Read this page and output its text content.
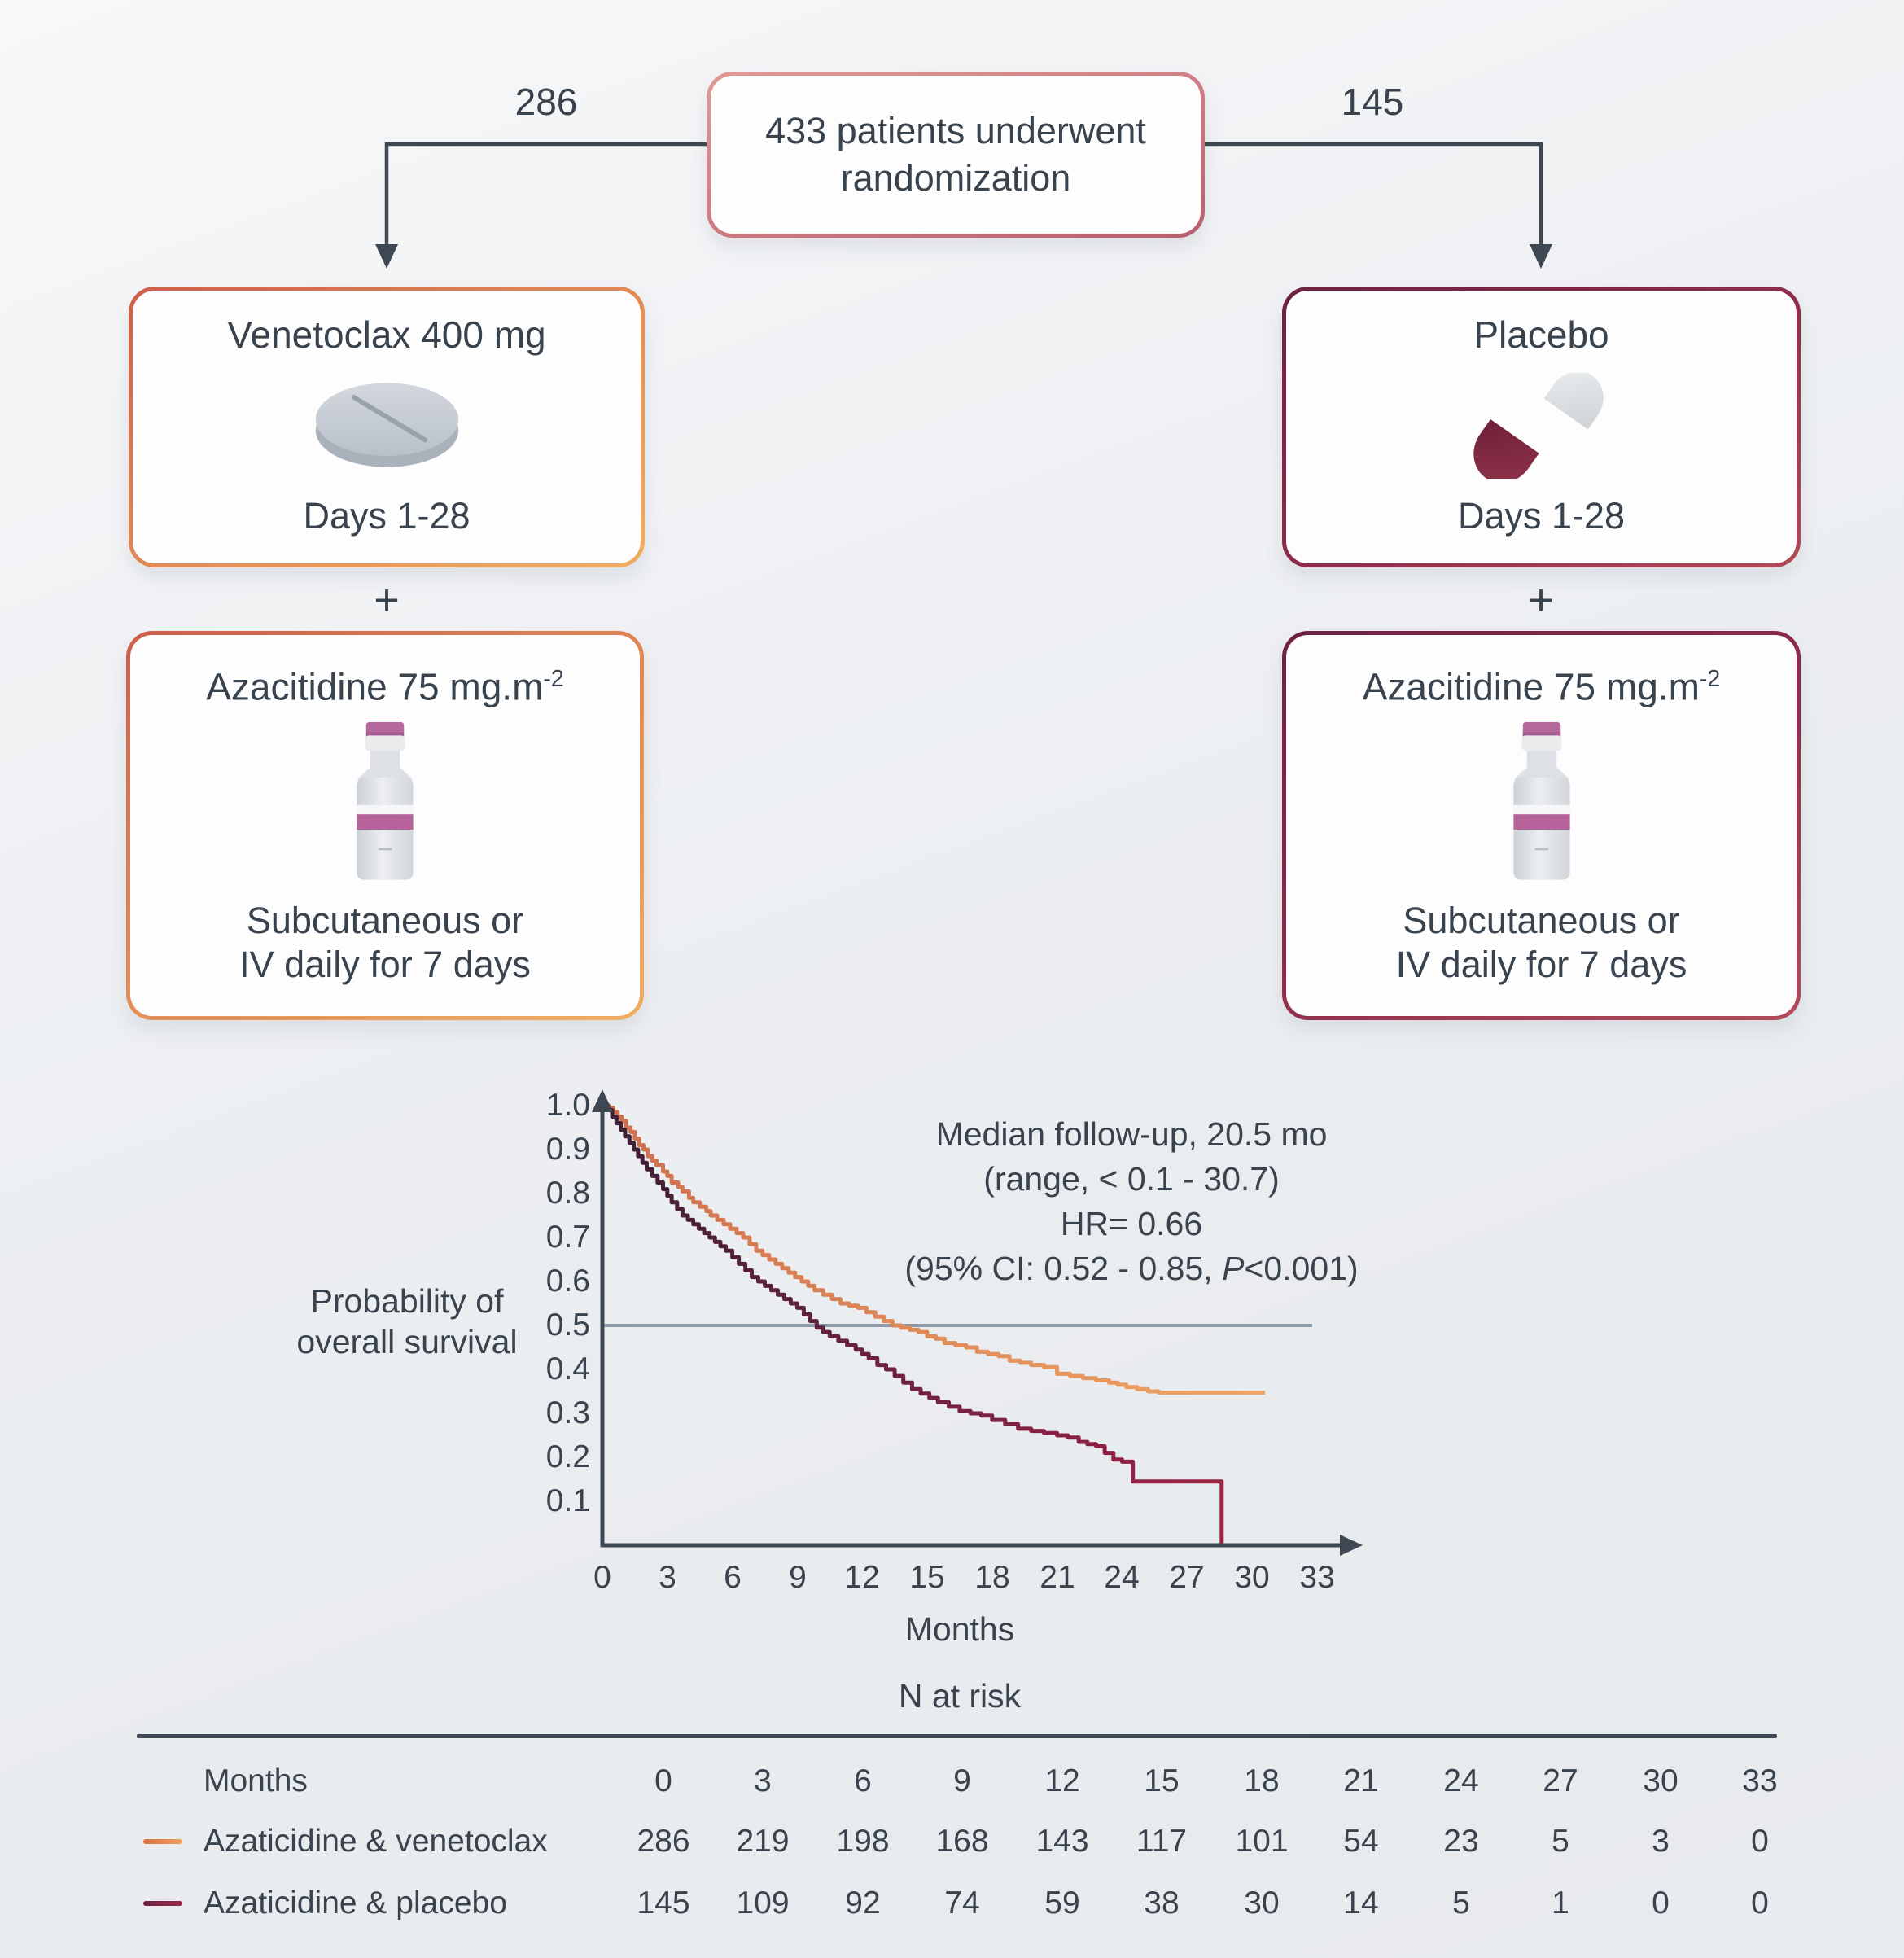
433 patients underwent randomization
286	145
Venetoclax 400 mg
Days 1-28
+
Azacitidine 75 $mg.m^{-2}$
Subcutaneous or
IV daily for 7 days
Placebo
Days 1-28
+
Azacitidine 75 $mg.m^{-2}$
Subcutaneous or
IV daily for 7 days
Median follow-up, 20.5 mo
(range, < 0.1 - 30.7)
HR= 0.66
(95% CI: 0.52 - 0.85, P<0.001)
Probability of
overall survival
1.0
0.9
0.8
0.7
0.6
0.5
0.4
0.3
0.2
0.1
0	3	6	9	12 15 18 21 24 27 30 33
Months
N at risk
Months	0	3	6	9	12	15	18	21	24	27	30	33
Azaticidine & venetoclax	286	219	198	168	143	117	101	54	23	5	3	0
Azaticidine & placebo	145	109	92	74	59	38	30	14	5	1	0	0
